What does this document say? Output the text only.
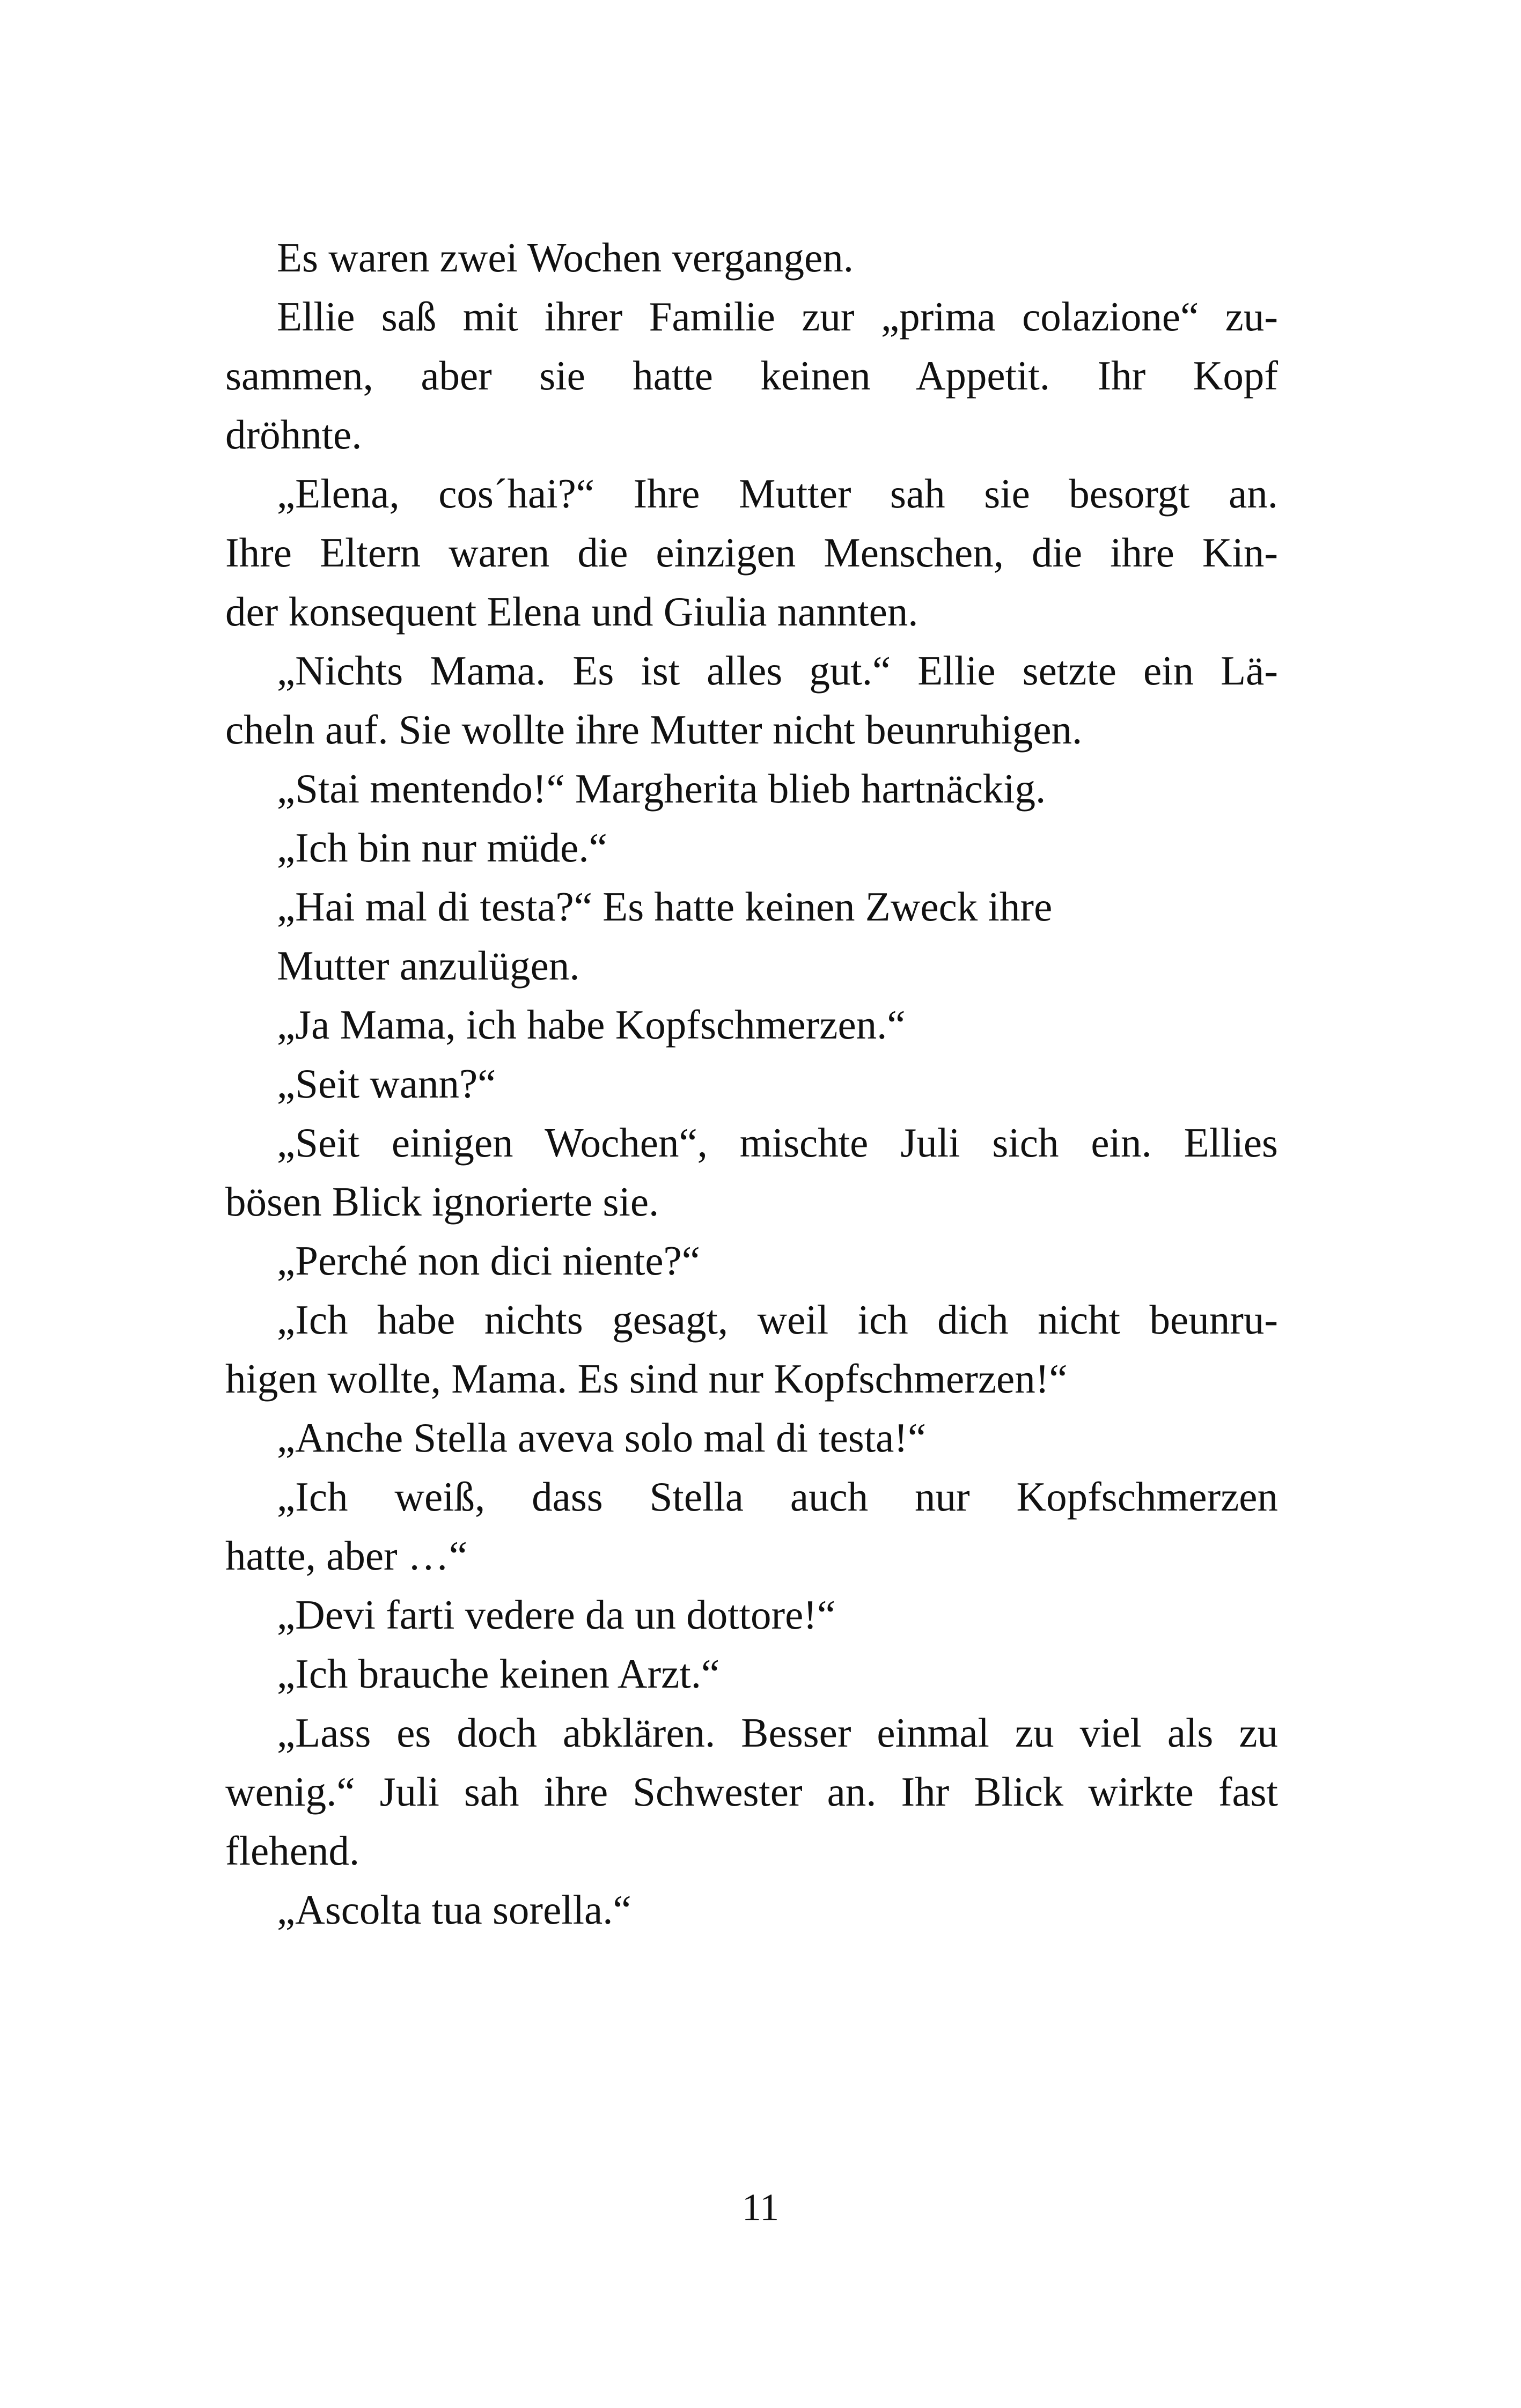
Es waren zwei Wochen vergangen.
Ellie saß mit ihrer Familie zur „prima colazione“ zu-
sammen, aber sie hatte keinen Appetit. Ihr Kopf
dröhnte.
„Elena, cos´hai?“ Ihre Mutter sah sie besorgt an.
Ihre Eltern waren die einzigen Menschen, die ihre Kin-
der konsequent Elena und Giulia nannten.
„Nichts Mama. Es ist alles gut.“ Ellie setzte ein Lä-
cheln auf. Sie wollte ihre Mutter nicht beunruhigen.
„Stai mentendo!“ Margherita blieb hartnäckig.
„Ich bin nur müde.“
„Hai mal di testa?“ Es hatte keinen Zweck ihre
Mutter anzulügen.
„Ja Mama, ich habe Kopfschmerzen.“
„Seit wann?“
„Seit einigen Wochen“, mischte Juli sich ein. Ellies
bösen Blick ignorierte sie.
„Perché non dici niente?“
„Ich habe nichts gesagt, weil ich dich nicht beunru-
higen wollte, Mama. Es sind nur Kopfschmerzen!“
„Anche Stella aveva solo mal di testa!“
„Ich weiß, dass Stella auch nur Kopfschmerzen
hatte, aber …“
„Devi farti vedere da un dottore!“
„Ich brauche keinen Arzt.“
„Lass es doch abklären. Besser einmal zu viel als zu
wenig.“ Juli sah ihre Schwester an. Ihr Blick wirkte fast
flehend.
„Ascolta tua sorella.“
11
